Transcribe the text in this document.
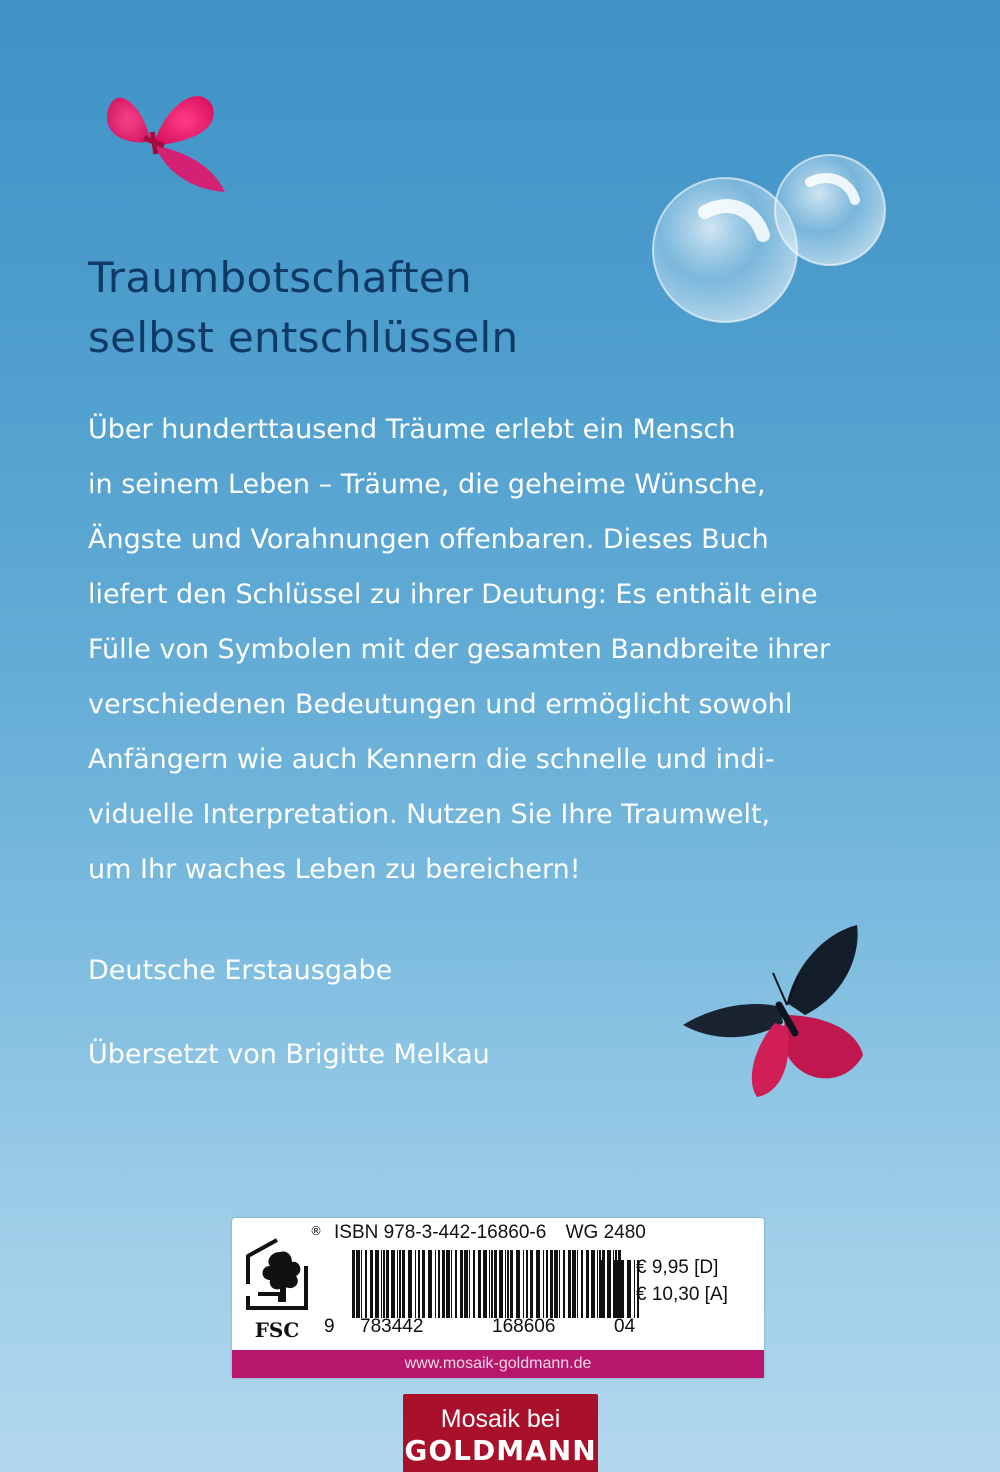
Traumbotschaften
selbst entschlüsseln
Über hunderttausend Träume erlebt ein Mensch
in seinem Leben – Träume, die geheime Wünsche,
Ängste und Vorahnungen offenbaren. Dieses Buch
liefert den Schlüssel zu ihrer Deutung: Es enthält eine
Fülle von Symbolen mit der gesamten Bandbreite ihrer
verschiedenen Bedeutungen und ermöglicht sowohl
Anfängern wie auch Kennern die schnelle und indi-
viduelle Interpretation. Nutzen Sie Ihre Traumwelt,
um Ihr waches Leben zu bereichern!
Deutsche Erstausgabe
Übersetzt von Brigitte Melkau
FSC
® ISBN 978-3-442-16860-6 WG 2480
9 783442	168606	04
€ 9,95 [D]
€ 10,30 [A]
www.mosaik-goldmann.de
Mosaik bei
GOLDMANN
